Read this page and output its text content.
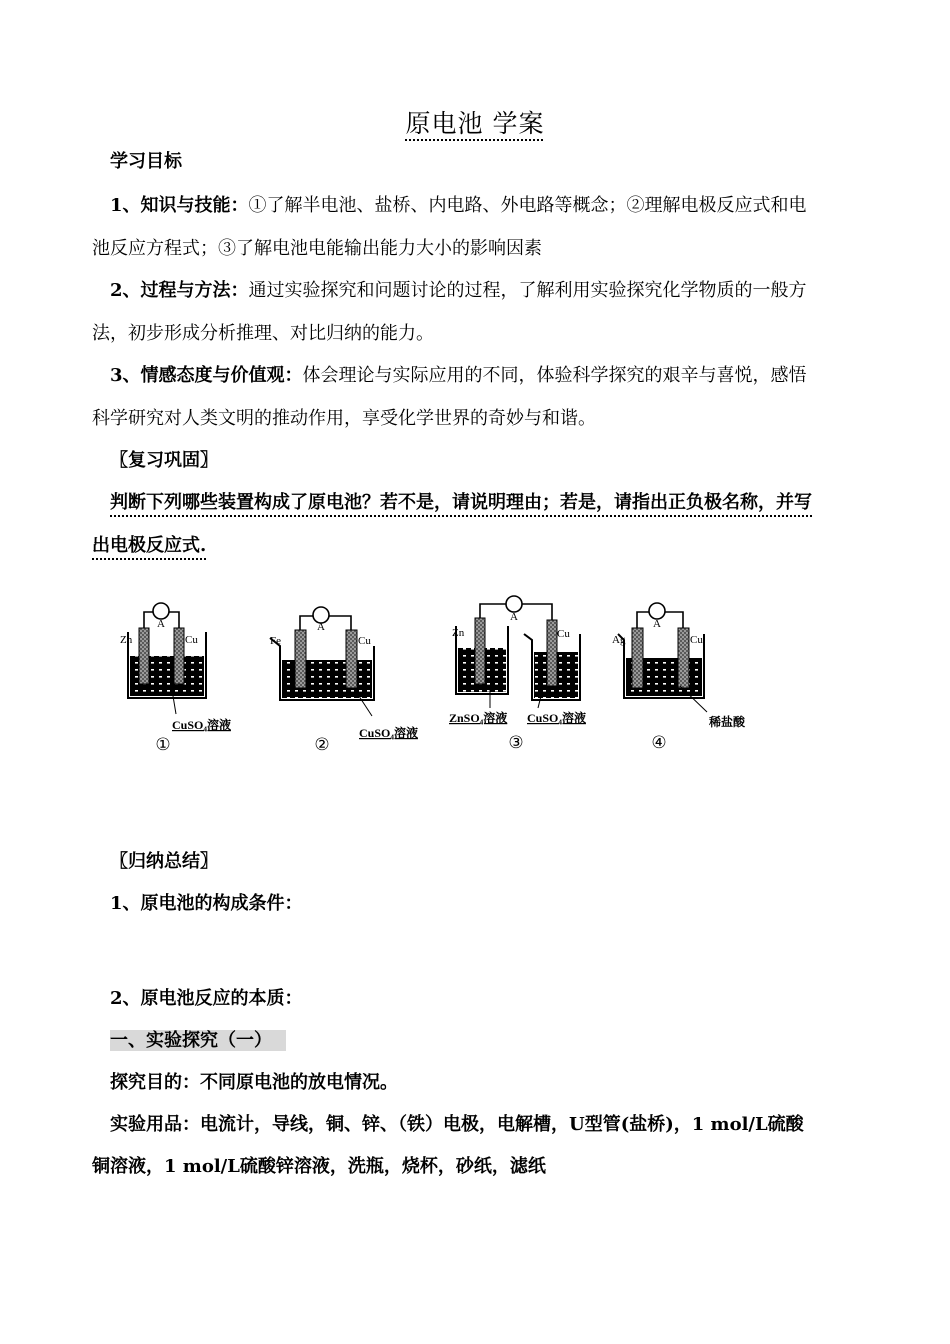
原电池 学案
学习目标
1、知识与技能：①了解半电池、盐桥、内电路、外电路等概念；②理解电极反应式和电
池反应方程式；③了解电池电能输出能力大小的影响因素
2、过程与方法：通过实验探究和问题讨论的过程，了解利用实验探究化学物质的一般方
法，初步形成分析推理、对比归纳的能力。
3、情感态度与价值观：体会理论与实际应用的不同，体验科学探究的艰辛与喜悦，感悟
科学研究对人类文明的推动作用，享受化学世界的奇妙与和谐。
〖复习巩固〗
判断下列哪些装置构成了原电池？若不是，请说明理由；若是，请指出正负极名称，并写
出电极反应式.
A
Zn	Cu
CuSO₄溶液
①
A
Fe	Cu
CuSO₄溶液
②
A
Zn	Cu
ZnSO₄溶液 CuSO₄溶液
③
A
Ag	Cu
稀盐酸
④
〖归纳总结〗
1、原电池的构成条件：
2、原电池反应的本质：
一、实验探究（一）
探究目的：不同原电池的放电情况。
实验用品：电流计，导线，铜、锌、（铁）电极，电解槽，U型管(盐桥)，1 mol/L硫酸
铜溶液，1 mol/L硫酸锌溶液，洗瓶，烧杯，砂纸，滤纸
